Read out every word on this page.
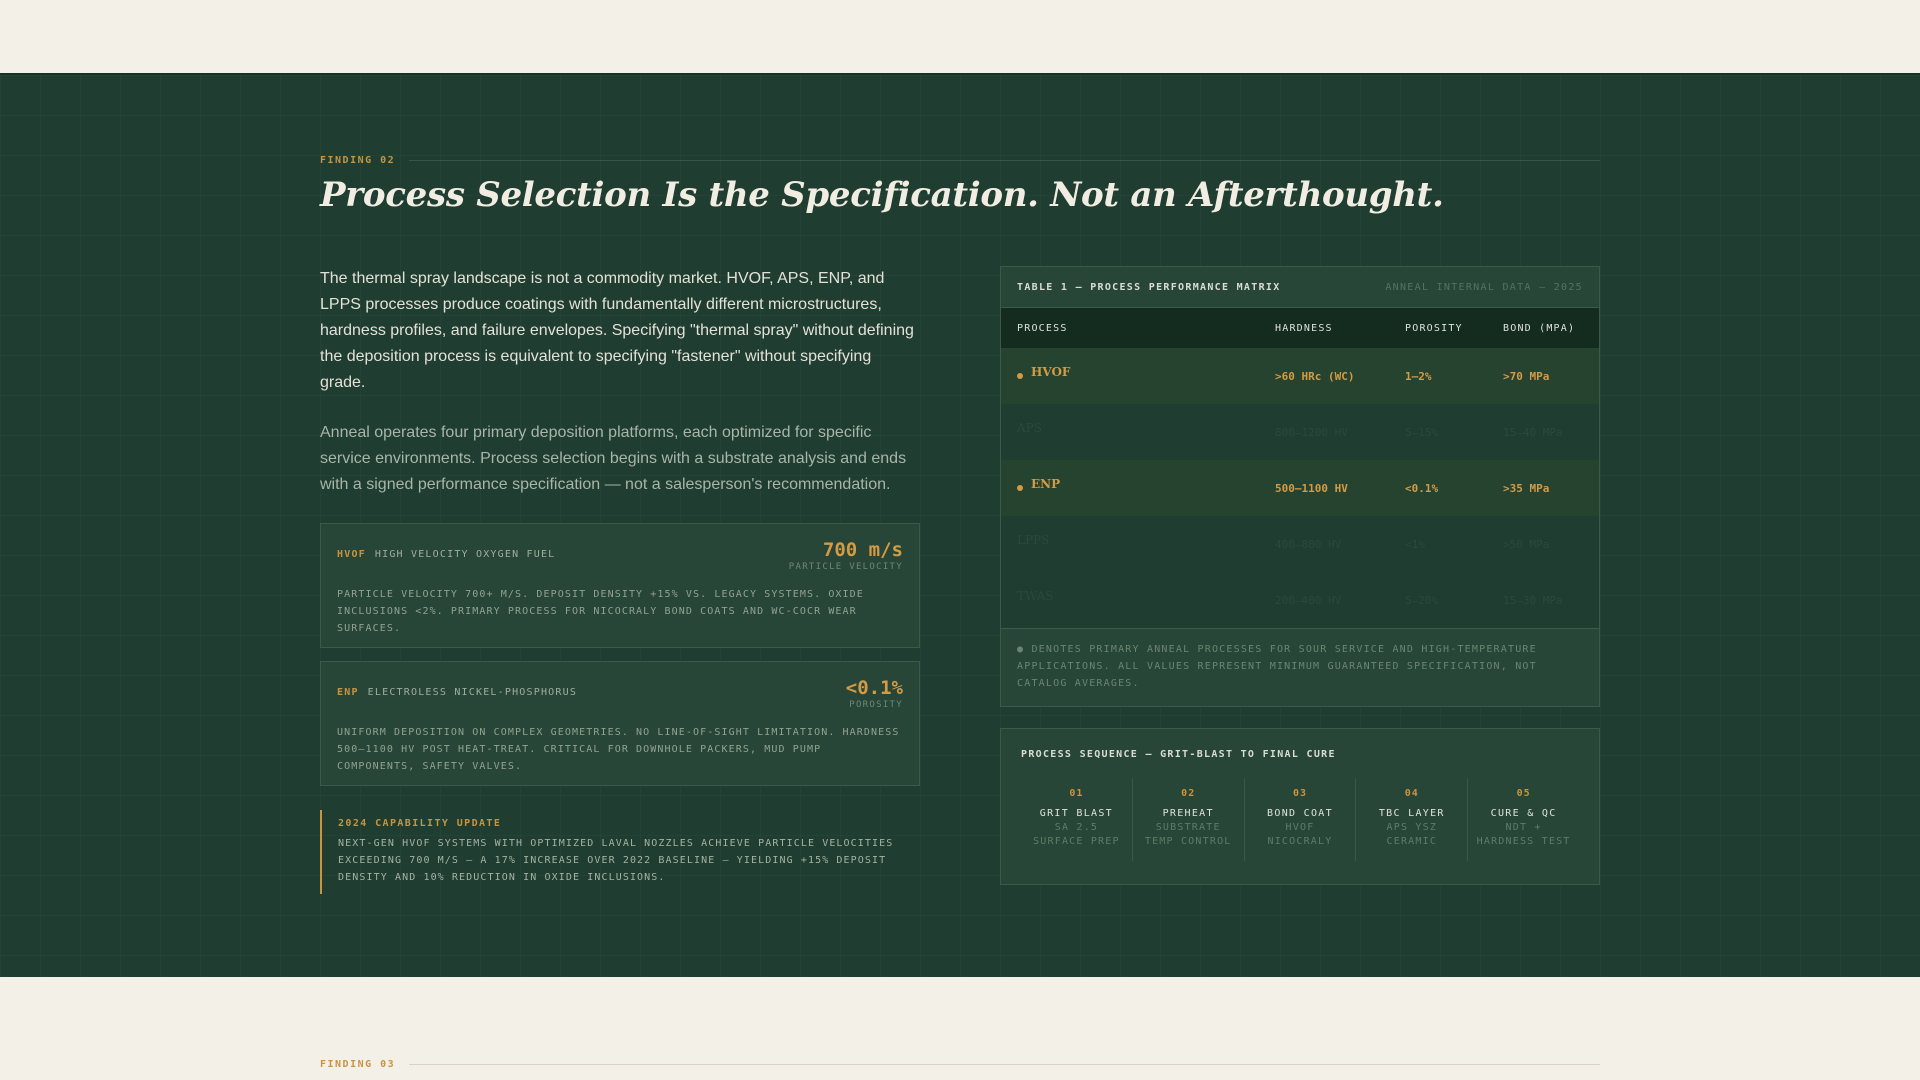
FINDING 02
Process Selection Is the Specification. Not an Afterthought.

The thermal spray landscape is not a commodity market. HVOF, APS, ENP, and LPPS processes produce coatings with fundamentally different microstructures, hardness profiles, and failure envelopes. Specifying "thermal spray" without defining the deposition process is equivalent to specifying "fastener" without specifying grade.

Anneal operates four primary deposition platforms, each optimized for specific service environments. Process selection begins with a substrate analysis and ends with a signed performance specification — not a salesperson's recommendation.

HVOF HIGH VELOCITY OXYGEN FUEL	700 m/s
PARTICLE VELOCITY
PARTICLE VELOCITY 700+ M/S. DEPOSIT DENSITY +15% VS. LEGACY SYSTEMS. OXIDE INCLUSIONS <2%. PRIMARY PROCESS FOR NICOCRALY BOND COATS AND WC-COCR WEAR SURFACES.
ENP ELECTROLESS NICKEL-PHOSPHORUS	<0.1%
POROSITY
UNIFORM DEPOSITION ON COMPLEX GEOMETRIES. NO LINE-OF-SIGHT LIMITATION. HARDNESS 500–1100 HV POST HEAT-TREAT. CRITICAL FOR DOWNHOLE PACKERS, MUD PUMP COMPONENTS, SAFETY VALVES.
2024 CAPABILITY UPDATE
NEXT-GEN HVOF SYSTEMS WITH OPTIMIZED LAVAL NOZZLES ACHIEVE PARTICLE VELOCITIES EXCEEDING 700 M/S — A 17% INCREASE OVER 2022 BASELINE — YIELDING +15% DEPOSIT DENSITY AND 10% REDUCTION IN OXIDE INCLUSIONS.
TABLE 1 — PROCESS PERFORMANCE MATRIX	ANNEAL INTERNAL DATA — 2025
PROCESS	HARDNESS	POROSITY	BOND (MPA)
HVOF	>60 HRc (WC)	1–2%	>70 MPa
APS	800–1200 HV	5–15%	15–40 MPa
ENP	500–1100 HV	<0.1%	>35 MPa
LPPS	400–800 HV	<1%	>50 MPa
TWAS	200–400 HV	5–20%	15–30 MPa
● DENOTES PRIMARY ANNEAL PROCESSES FOR SOUR SERVICE AND HIGH-TEMPERATURE APPLICATIONS. ALL VALUES REPRESENT MINIMUM GUARANTEED SPECIFICATION, NOT CATALOG AVERAGES.
PROCESS SEQUENCE — GRIT-BLAST TO FINAL CURE
01
GRIT BLAST
SA 2.5
SURFACE PREP
02
PREHEAT
SUBSTRATE
TEMP CONTROL
03
BOND COAT
HVOF
NICOCRALY
04
TBC LAYER
APS YSZ
CERAMIC
05
CURE & QC
NDT +
HARDNESS TEST
FINDING 03
